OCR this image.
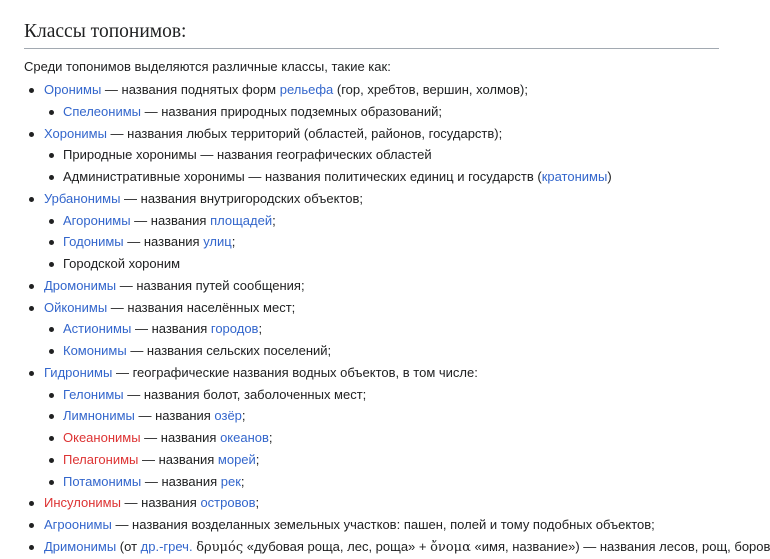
Классы топонимов:
Среди топонимов выделяются различные классы, такие как:
Оронимы — названия поднятых форм рельефа (гор, хребтов, вершин, холмов);
Спелеонимы — названия природных подземных образований;
Хоронимы — названия любых территорий (областей, районов, государств);
Природные хоронимы — названия географических областей
Административные хоронимы — названия политических единиц и государств (кратонимы)
Урбанонимы — названия внутригородских объектов;
Агоронимы — названия площадей;
Годонимы — названия улиц;
Городской хороним
Дромонимы — названия путей сообщения;
Ойконимы — названия населённых мест;
Астионимы — названия городов;
Комонимы — названия сельских поселений;
Гидронимы — географические названия водных объектов, в том числе:
Гелонимы — названия болот, заболоченных мест;
Лимнонимы — названия озёр;
Океанонимы — названия океанов;
Пелагонимы — названия морей;
Потамонимы — названия рек;
Инсулонимы — названия островов;
Агроонимы — названия возделанных земельных участков: пашен, полей и тому подобных объектов;
Дримонимы (от др.-греч. δρυμός «дубовая роща, лес, роща» + ὄνομα «имя, название») — названия лесов, рощ, боров
